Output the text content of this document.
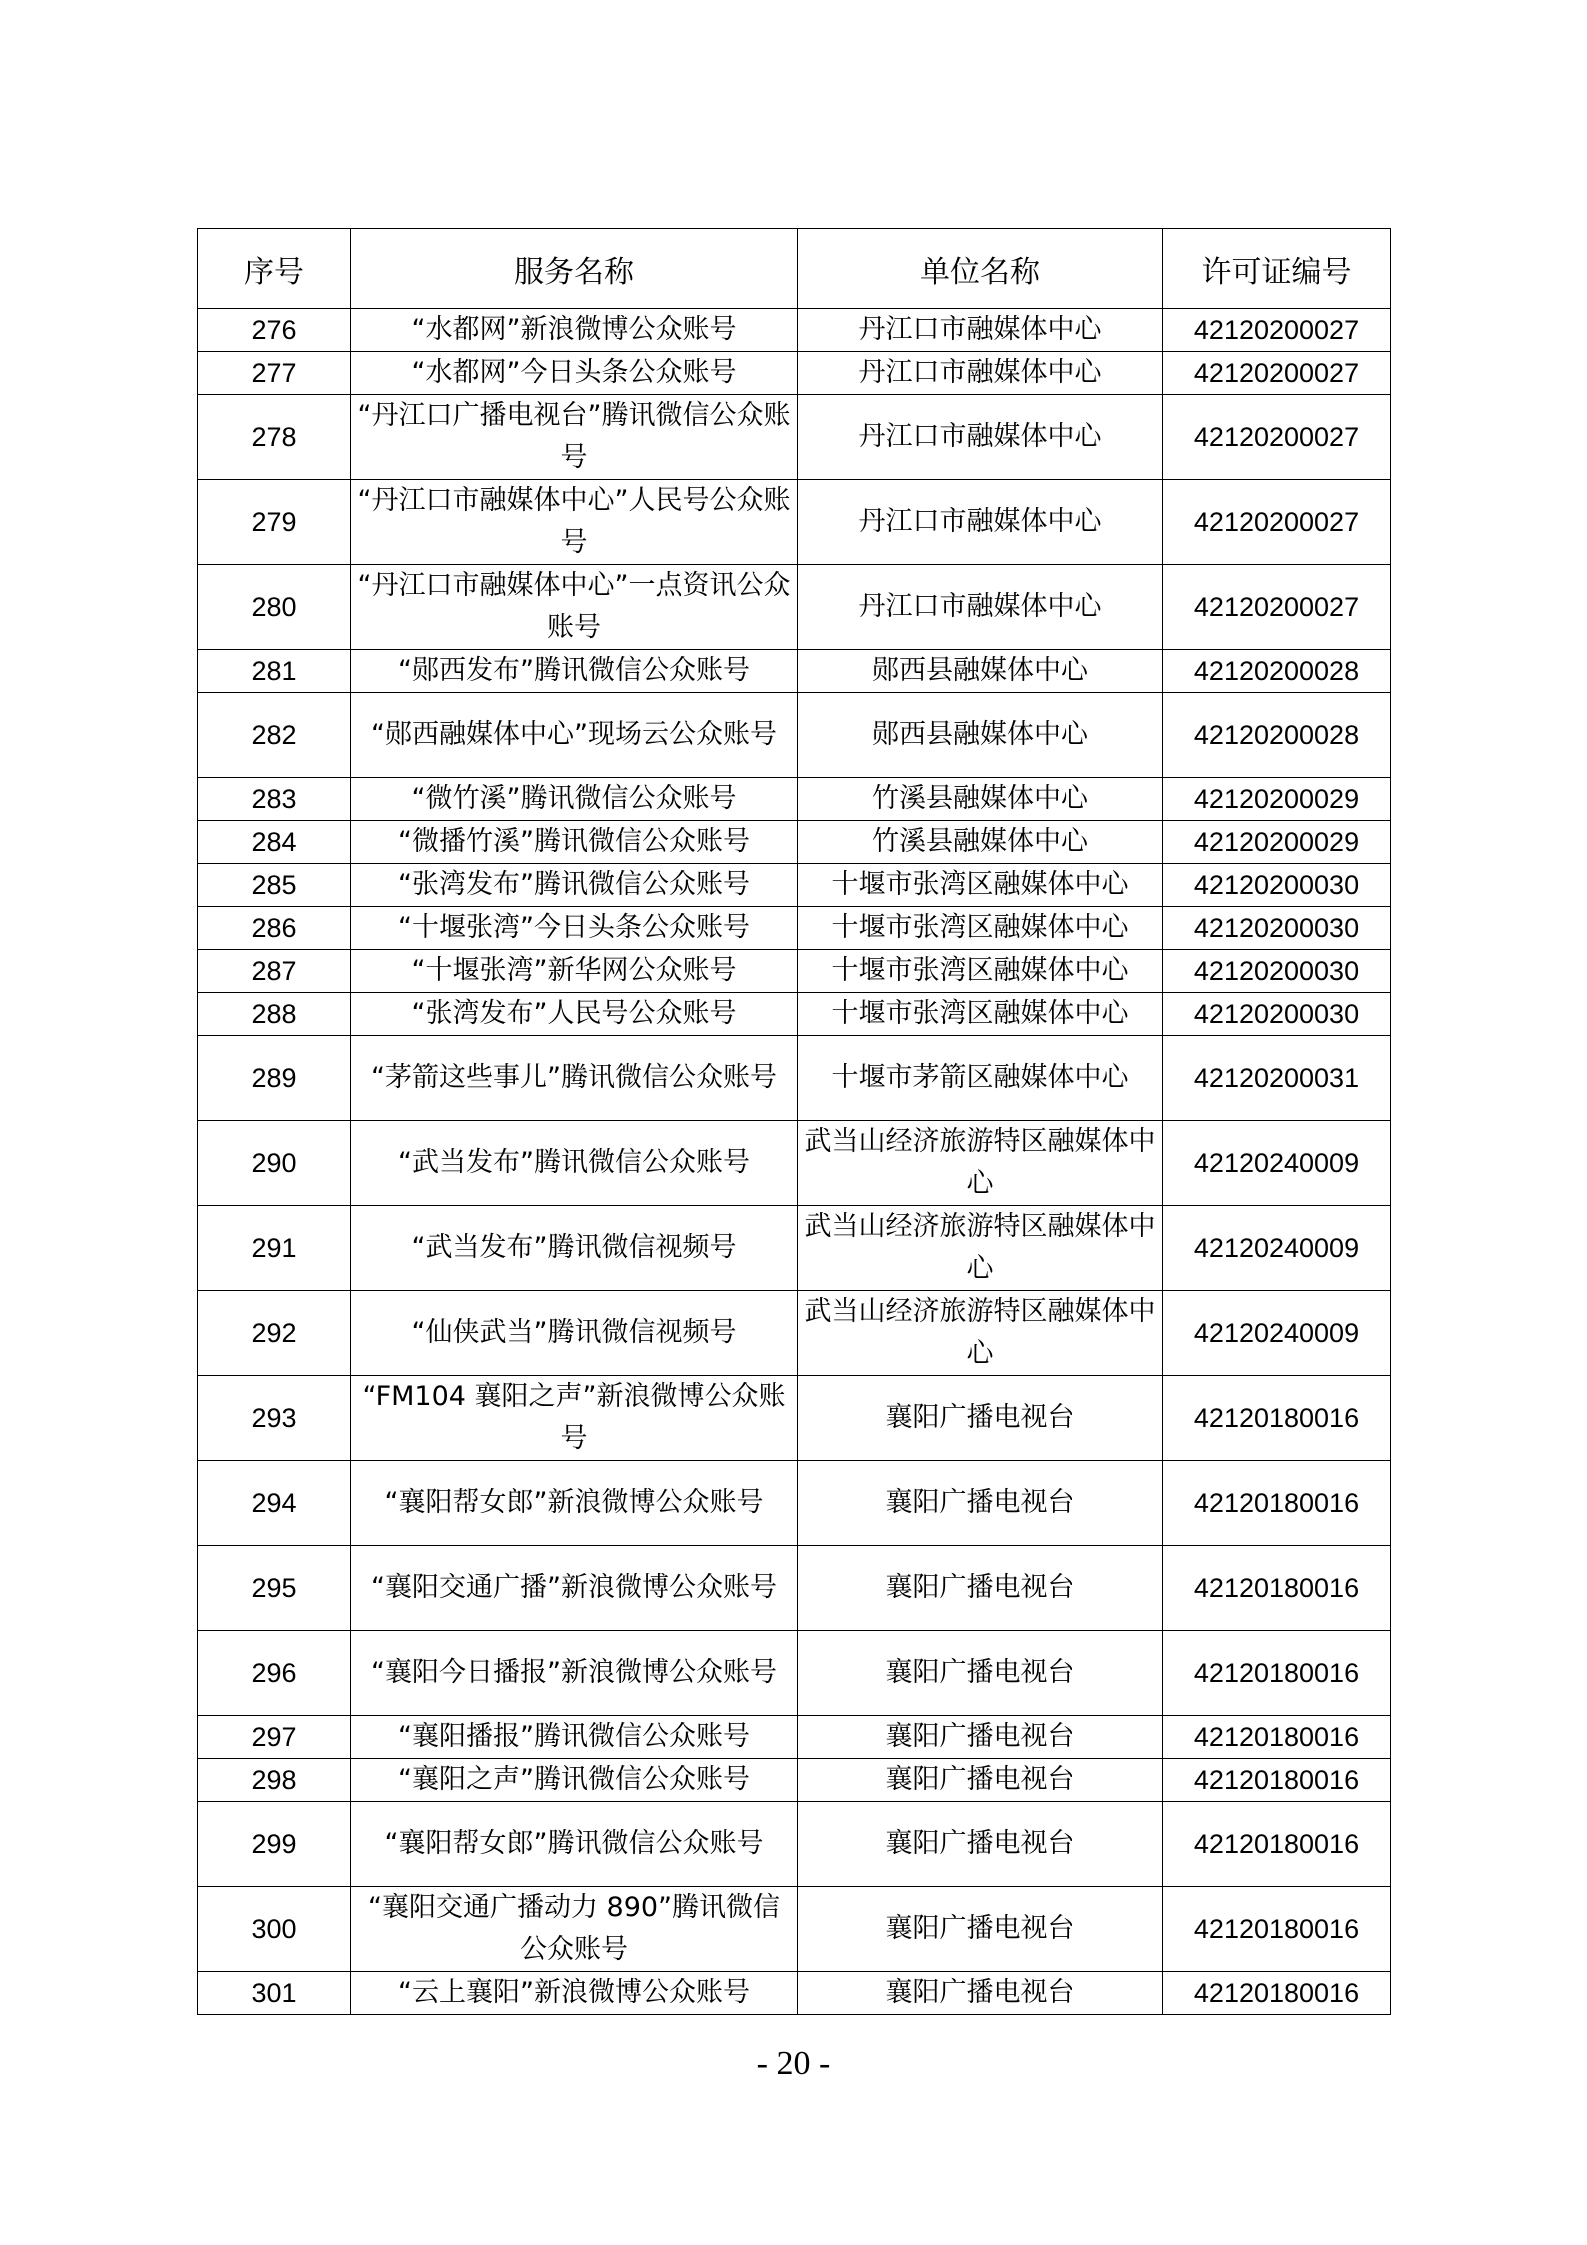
序号	服务名称	单位名称	许可证编号
276	“水都网”新浪微博公众账号	丹江口市融媒体中心	42120200027
277	“水都网”今日头条公众账号	丹江口市融媒体中心	42120200027
278	“丹江口广播电视台”腾讯微信公众账号	丹江口市融媒体中心	42120200027
279	“丹江口市融媒体中心”人民号公众账号	丹江口市融媒体中心	42120200027
280	“丹江口市融媒体中心”一点资讯公众账号	丹江口市融媒体中心	42120200027
281	“郧西发布”腾讯微信公众账号	郧西县融媒体中心	42120200028
282	“郧西融媒体中心”现场云公众账号	郧西县融媒体中心	42120200028
283	“微竹溪”腾讯微信公众账号	竹溪县融媒体中心	42120200029
284	“微播竹溪”腾讯微信公众账号	竹溪县融媒体中心	42120200029
285	“张湾发布”腾讯微信公众账号	十堰市张湾区融媒体中心	42120200030
286	“十堰张湾”今日头条公众账号	十堰市张湾区融媒体中心	42120200030
287	“十堰张湾”新华网公众账号	十堰市张湾区融媒体中心	42120200030
288	“张湾发布”人民号公众账号	十堰市张湾区融媒体中心	42120200030
289	“茅箭这些事儿”腾讯微信公众账号	十堰市茅箭区融媒体中心	42120200031
290	“武当发布”腾讯微信公众账号	武当山经济旅游特区融媒体中心	42120240009
291	“武当发布”腾讯微信视频号	武当山经济旅游特区融媒体中心	42120240009
292	“仙侠武当”腾讯微信视频号	武当山经济旅游特区融媒体中心	42120240009
293	“FM104 襄阳之声”新浪微博公众账号	襄阳广播电视台	42120180016
294	“襄阳帮女郎”新浪微博公众账号	襄阳广播电视台	42120180016
295	“襄阳交通广播”新浪微博公众账号	襄阳广播电视台	42120180016
296	“襄阳今日播报”新浪微博公众账号	襄阳广播电视台	42120180016
297	“襄阳播报”腾讯微信公众账号	襄阳广播电视台	42120180016
298	“襄阳之声”腾讯微信公众账号	襄阳广播电视台	42120180016
299	“襄阳帮女郎”腾讯微信公众账号	襄阳广播电视台	42120180016
300	“襄阳交通广播动力 890”腾讯微信公众账号	襄阳广播电视台	42120180016
301	“云上襄阳”新浪微博公众账号	襄阳广播电视台	42120180016
- 20 -
